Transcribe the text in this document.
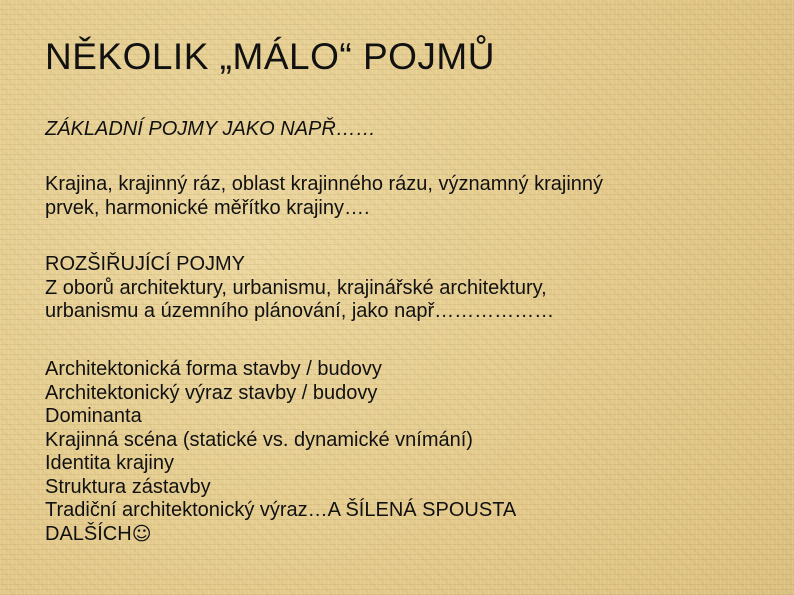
NĚKOLIK „MÁLO“ POJMŮ
ZÁKLADNÍ POJMY JAKO NAPŘ……
Krajina, krajinný ráz, oblast krajinného rázu, významný krajinný
prvek, harmonické měřítko krajiny….
ROZŠIŘUJÍCÍ POJMY
Z oborů architektury, urbanismu, krajinářské architektury,
urbanismu a územního plánování, jako např………………
Architektonická forma stavby / budovy
Architektonický výraz stavby / budovy
Dominanta
Krajinná scéna (statické vs. dynamické vnímání)
Identita krajiny
Struktura zástavby
Tradiční architektonický výraz…A ŠÍLENÁ SPOUSTA
DALŠÍCH☺
